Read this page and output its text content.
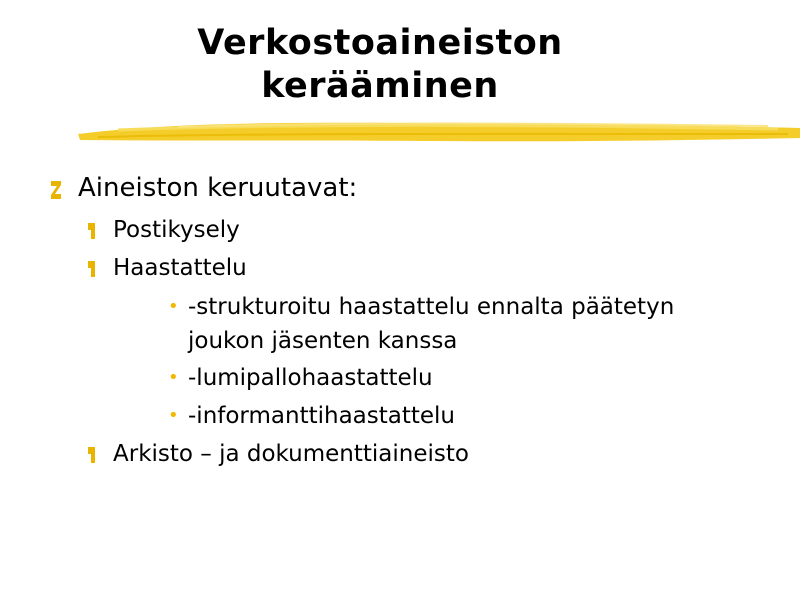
Verkostoaineiston
kerääminen
Aineiston keruutavat:
Postikysely
Haastattelu
• -strukturoitu haastattelu ennalta päätetyn joukon jäsenten kanssa
• -lumipallohaastattelu
• -informanttihaastattelu
Arkisto – ja dokumenttiaineisto
